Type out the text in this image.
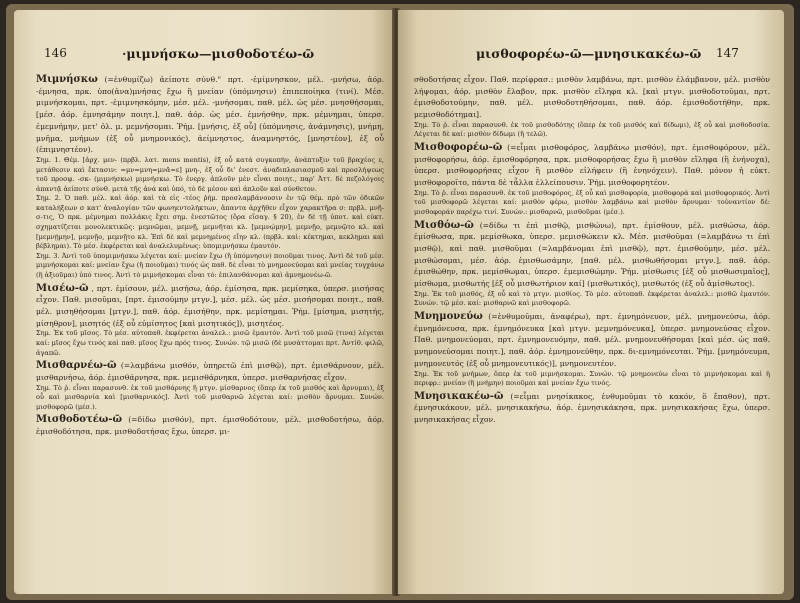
146	·μιμνήσκω—μισθοδοτέω-ῶ

Μιμνήσκω (=ἐνθυμίζω) ἀείποτε σύνθ." πρτ. -ἐμίμνησκον, μέλ. -μνήσω, ἀόρ. -έμνησα, πρκ. ὑπο(ἀνα)μνήσας ἔχω ἢ μνείαν (ὑπόμνησιν) ἐπιπεποίηκα (τινί). Μέσ. μιμνήσκομαι, πρτ. -ἐμιμνησκόμην, μέσ. μέλ. -μνήσομαι, παθ. μέλ. ὡς μέσ. μνησθήσομαι, [μέσ. ἀόρ. ἐμνησάμην ποιητ.], παθ. ἀόρ. ὡς μέσ. ἐμνήσθην, πρκ. μέμνημαι, ὑπερσ. ἐμεμνήμην, μετ' ὀλ. μ. μεμνήσομαι. Ῥήμ. [μνήσις, ἐξ οὗ] (ὑπόμνησις, ἀνάμνησις), μνήμη, μνῆμα, μνήμων (ἐξ οὗ μνημονικός), ἀείμνηστος, ἀναμνηστός, [μνηστέον], ἐξ οὗ (ἐπιμνηστέον).

Σημ. 1. Θέμ. [ἀρχ. μεν- (πρβλ. λατ. mens mentis), ἐξ οὗ κατά συγκοπήν, ἀνάπτυξιν τοῦ βραχέος ε, μετάθεσιν καὶ ἔκτασιν: =μν=μνη=μνᾶ=ε] μνη-, ἐξ οὗ δι' ἐνεστ. ἀναδιπλασιασμοῦ καὶ προσλήψεως τοῦ προσφ. -σκ- (μιμνήσκω) μιμνήσκω. Τὸ ἐνεργ. ἁπλοῦν μὲν εἶναι ποιητ., παρ' Ἀττ. δὲ πεζολόγοις ἀπαντᾷ ἀείποτε σύνθ. μετά τῆς ἀνά καὶ ὑπό, τὸ δὲ μέσον καὶ ἁπλοῦν καὶ σύνθετον.

Σημ. 2. Ὁ παθ. μέλ. καὶ ἀόρ. καὶ τὰ εἰς -τέος ῥήμ. προσλαμβάνουσιν ἐν τῷ θέμ. πρὸ τῶν ὀδικῶν καταλήξεων σ κατ' ἀναλογίαν τῶν φωνηεντολήκτων, ἅπαντα ἀρχῆθεν εἶχον χαρακτῆρα σ: πρβλ. μνῆ-σ-τις, Ὁ πρκ. μέμνημαι πολλάκις ἔχει σημ. ἐνεστῶτος (ὅρα εἴσαγ. § 20), ἐν δὲ τῇ ὑποτ. καὶ εὐκτ. σχηματίζεται μονολεκτικῶς: μεμνῶμαι, μεμνῇ, μεμνῆται κλ. [μεμνῴμην], μεμνῇο, μεμνῷτο κλ. καὶ [μεμνῄμην], μεμνῇο, μεμνῇτο κλ. Ἐπὶ δὲ καὶ μεμνημένος εἴην κλ. (πρβλ. καὶ: κέκτημαι, κεκλημαι καὶ βέβλημαι). Τὸ μέσ. ἐκφέρεται καὶ ἀναλελυμένως: ὑπομιμνήσκω ἐμαυτόν.

Σημ. 3. Ἀντὶ τοῦ ὑπομιμνήσκω λέγεται καί: μνείαν ἔχω (ἢ ὑπόμνησιν) ποιοῦμαι τινος. Ἀντὶ δὲ τοῦ μέσ. μιμνήσκομαι καί: μνείαν ἔχω (ἢ ποιοῦμαι) τινός ὡς παθ. δὲ εἶναι τὸ μνημονεύομαι καὶ μνείας τυγχάνω (ἢ ἀξιοῦμαι) ὑπό τινος. Ἀντὶ τὸ μιμνήσκομαι εἶναι τό: ἐπιλανθάνομαι καὶ ἀμνημονέω-ῶ.

Μισέω-ῶ , πρτ. ἐμίσουν, μέλ. μισήσω, ἀόρ. ἐμίσησα, πρκ. μεμίσηκα, ὑπερσ. μισήσας εἶχον. Παθ. μισοῦμαι, [πρτ. ἐμισούμην μτγν.], μέσ. μέλ. ὡς μέσ. μισήσομαι ποιητ., παθ. μέλ. μισηθήσομαι [μτγν.], παθ. ἀόρ. ἐμισήθην, πρκ. μεμίσημαι. Ῥήμ. [μίσημα, μισητής, μίσηθρον], μισητός (ἐξ οὗ εὐμίσητος [καὶ μισητικός]), μισητέος.

Σημ. Ἐκ τοῦ μῖσος. Τὸ μέσ. αὐτοπαθ. ἐκφέρεται ἀναλελ.: μισῶ ἐμαυτόν. Ἀντὶ τοῦ μισῶ (τινα) λέγεται καί: μῖσος ἔχω τινός καὶ παθ. μῖσος ἔχω πρός τινος. Συνών. τῷ μισῶ (δὲ μυσάττομαι πρτ. Ἀντίθ. φιλῶ, ἀγαπῶ.

Μισθαρνέω-ῶ (=λαμβάνω μισθόν, ὑπηρετῶ ἐπὶ μισθῷ), πρτ. ἐμισθάρνουν, μέλ. μισθαρνήσω, ἀόρ. ἐμισθάρνησα, πρκ. μεμισθάρνηκα, ὑπερσ. μισθαρνήσας εἶχον.

Σημ. Τὸ ῥ. εἶναι παρασυνθ. ἐκ τοῦ μισθάρνης ἢ μτγν. μίσθαρνος (ὅπερ ἐκ τοῦ μισθός καὶ ἄρνυμαι), ἐξ οὗ καὶ μισθαρνία καὶ [μισθαρνικός]. Ἀντὶ τοῦ μισθαρνῶ λέγεται καί: μισθὸν ἄρνυμαι. Συνών. μισθοφορῶ (μέσ.).

Μισθοδοτέω-ῶ (=δίδω μισθόν), πρτ. ἐμισθοδότουν, μέλ. μισθοδοτήσω, ἀόρ. ἐμισθοδότησα, πρκ. μισθοδοτήσας ἔχω, ὑπερσ. μι-

μισθοφορέω-ῶ—μνησικακέω-ῶ 147

σθοδοτήσας εἶχον. Παθ. περίφρασ.: μισθὸν λαμβάνω, πρτ. μισθὸν ἐλάμβανον, μέλ. μισθὸν λήψομαι, ἀόρ. μισθὸν ἔλαβον, πρκ. μισθὸν εἴληφα κλ. [καὶ μτγν. μισθοδοτοῦμαι, πρτ. ἐμισθοδοτούμην, παθ. μέλ. μισθοδοτηθήσομαι, παθ. ἀόρ. ἐμισθοδοτήθην, πρκ. μεμισθοδότημαι].

Σημ. Τὸ ῥ. εἶναι παρασυνθ. ἐκ τοῦ μισθοδότης (ὅπερ ἐκ τοῦ μισθός καὶ δίδωμι), ἐξ οὗ καὶ μισθοδοσία. Λέγεται δὲ καί: μισθὸν δίδωμι (ἢ τελῶ).

Μισθοφορέω-ῶ (=εἶμαι μισθοφόρος, λαμβάνω μισθόν), πρτ. ἐμισθοφόρουν, μέλ. μισθοφορήσω, ἀόρ. ἐμισθοφόρησα, πρκ. μισθοφορήσας ἔχω ἢ μισθὸν εἴληφα (ἢ ἐνήνοχα), ὑπερσ. μισθοφορήσας εἶχον ἢ μισθὸν εἰλήφειν (ἢ ἐνηνόχειν). Παθ. μόνον ἡ εὐκτ. μισθοφοροῖτο, πάντα δὲ τἆλλα ἐλλείπουσιν. Ῥήμ. μισθοφορητέον.

Σημ. Τὸ ῥ. εἶναι παρασυνθ. ἐκ τοῦ μισθοφόρος, ἐξ οὗ καὶ μισθοφορία, μισθοφορά καὶ μισθοφορικός. Ἀντὶ τοῦ μισθοφορῶ λέγεται καί: μισθὸν φέρω, μισθὸν λαμβάνω καὶ μισθὸν ἄρνυμαι· τοὐναντίον δέ: μισθοφοράν παρέχω τινί. Συνών.: μισθαρνῶ, μισθοῦμαι (μέσ.).

Μισθόω-ῶ (=δίδω τι ἐπὶ μισθῷ, μισθώνω), πρτ. ἐμίσθουν, μέλ. μισθώσω, ἀόρ. ἐμίσθωσα, πρκ. μεμίσθωκα, ὑπερσ. μεμισθώκειν κλ. Μέσ. μισθοῦμαι (=λαμβάνω τι ἐπὶ μισθῷ), καὶ παθ. μισθοῦμαι (=λαμβάνομαι ἐπὶ μισθῷ), πρτ. ἐμισθούμην, μέσ. μέλ. μισθώσομαι, μέσ. ἀόρ. ἐμισθωσάμην, [παθ. μέλ. μισθωθήσομαι μτγν.], παθ. ἀόρ. ἐμισθώθην, πρκ. μεμίσθωμαι, ὑπερσ. ἐμεμισθώμην. Ῥήμ. μίσθωσις [ἐξ οὗ μισθωσιμαῖος], μίσθωμα, μισθωτής [ἐξ οὗ μισθωτήριον καί] (μισθωτικός), μισθωτός (ἐξ οὗ ἀμίσθωτος).

Σημ. Ἐκ τοῦ μισθός, ἐξ οὗ καὶ τὸ μτγν. μισθίος. Τὸ μέσ. αὐτοπαθ. ἐκφέρεται ἀναλελ.: μισθῶ ἐμαυτόν. Συνών. τῷ μέσ. καί: μισθαρνῶ καὶ μισθοφορῶ.

Μνημονεύω (=ἐνθυμοῦμαι, ἀναφέρω), πρτ. ἐμνημόνευον, μέλ. μνημονεύσω, ἀόρ. ἐμνημόνευσα, πρκ. ἐμνημόνευκα [καὶ μτγν. μεμνημόνευκα], ὑπερσ. μνημονεύσας εἶχον. Παθ. μνημονεύομαι, πρτ. ἐμνημονευόμην, παθ. μέλ. μνημονευθήσομαι [καὶ μέσ. ὡς παθ. μνημονεύσομαι ποιητ.], παθ. ἀόρ. ἐμνημονεύθην, πρκ. δι-εμνημόνευται. Ῥήμ. [μνημόνευμα, μνημονευτός (ἐξ οὗ μνημονευτικός)], μνημονευτέον.

Σημ. Ἐκ τοῦ μνήμων, ὅπερ ἐκ τοῦ μιμνήσκομαι. Συνών. τῷ μνημονεύω εἶναι τὸ μιμνήσκομαι καὶ ἡ περιφρ.: μνείαν (ἢ μνήμην) ποιοῦμαι καὶ μνείαν ἔχω τινός.

Μνησικακέω-ῶ (=εἶμαι μνησίκακος, ἐνθυμοῦμαι τὸ κακόν, ὅ ἔπαθον), πρτ. ἐμνησικάκουν, μέλ. μνησικακήσω, ἀόρ. ἐμνησικάκησα, πρκ. μνησικακήσας ἔχω, ὑπερσ. μνησικακήσας εἶχον.
